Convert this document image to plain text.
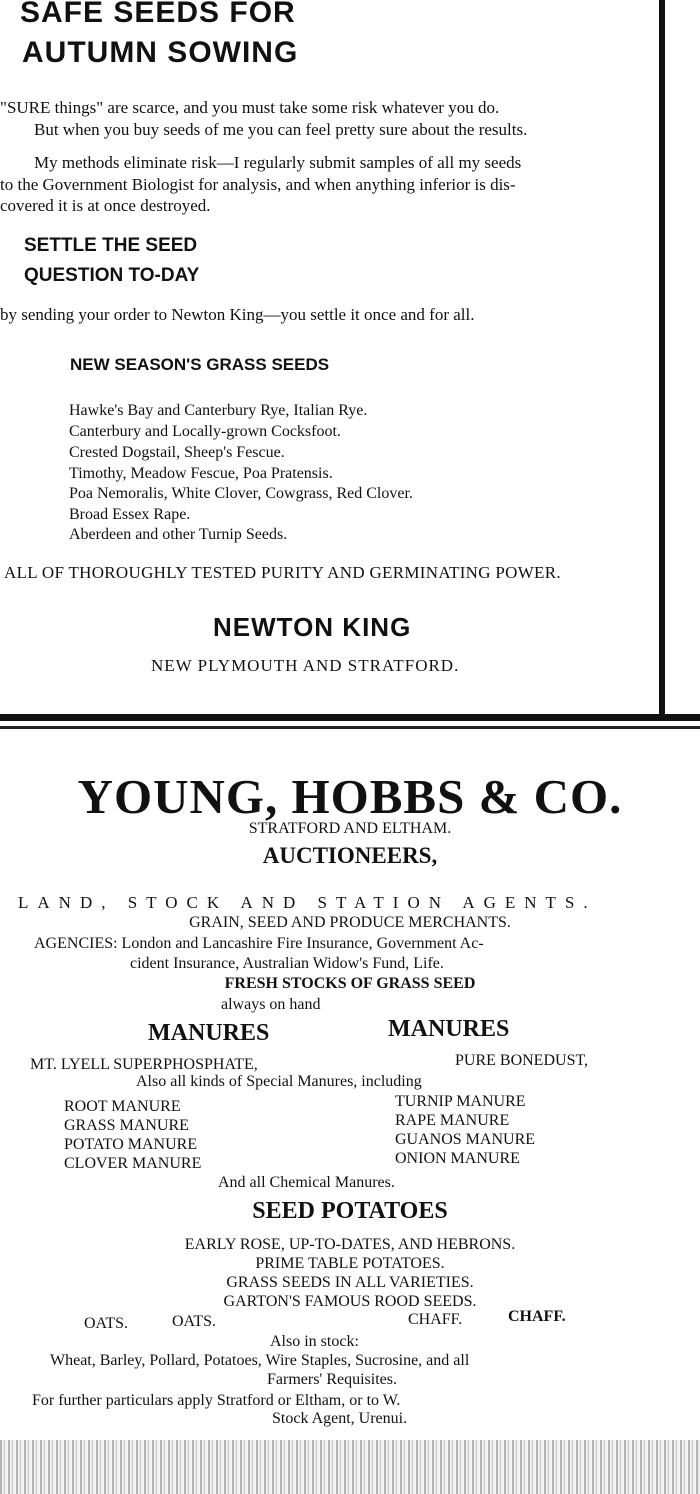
SAFE SEEDS FOR
AUTUMN SOWING
"SURE things" are scarce, and you must take some risk whatever you do.
But when you buy seeds of me you can feel pretty sure about the results.
My methods eliminate risk—I regularly submit samples of all my seeds
to the Government Biologist for analysis, and when anything inferior is dis-
covered it is at once destroyed.
SETTLE THE SEED
QUESTION TO-DAY
by sending your order to Newton King—you settle it once and for all.
NEW SEASON'S GRASS SEEDS
Hawke's Bay and Canterbury Rye, Italian Rye.
Canterbury and Locally-grown Cocksfoot.
Crested Dogstail, Sheep's Fescue.
Timothy, Meadow Fescue, Poa Pratensis.
Poa Nemoralis, White Clover, Cowgrass, Red Clover.
Broad Essex Rape.
Aberdeen and other Turnip Seeds.
ALL OF THOROUGHLY TESTED PURITY AND GERMINATING POWER.
NEWTON KING
NEW PLYMOUTH AND STRATFORD.
YOUNG, HOBBS & CO.
STRATFORD AND ELTHAM.
AUCTIONEERS,
LAND, STOCK AND STATION AGENTS.
GRAIN, SEED AND PRODUCE MERCHANTS.
AGENCIES: London and Lancashire Fire Insurance, Government Ac-
cident Insurance, Australian Widow's Fund, Life.
FRESH STOCKS OF GRASS SEED
always on hand
MANURES	MANURES
MT. LYELL SUPERPHOSPHATE,	PURE BONEDUST,
Also all kinds of Special Manures, including
ROOT MANURE
GRASS MANURE
POTATO MANURE
CLOVER MANURE
TURNIP MANURE
RAPE MANURE
GUANOS MANURE
ONION MANURE
And all Chemical Manures.
SEED POTATOES
EARLY ROSE, UP-TO-DATES, AND HEBRONS.
PRIME TABLE POTATOES.
GRASS SEEDS IN ALL VARIETIES.
GARTON'S FAMOUS ROOD SEEDS.
OATS.	OATS.	CHAFF.	CHAFF.
Also in stock:
Wheat, Barley, Pollard, Potatoes, Wire Staples, Sucrosine, and all
Farmers' Requisites.
For further particulars apply Stratford or Eltham, or to W.
Stock Agent, Urenui.
